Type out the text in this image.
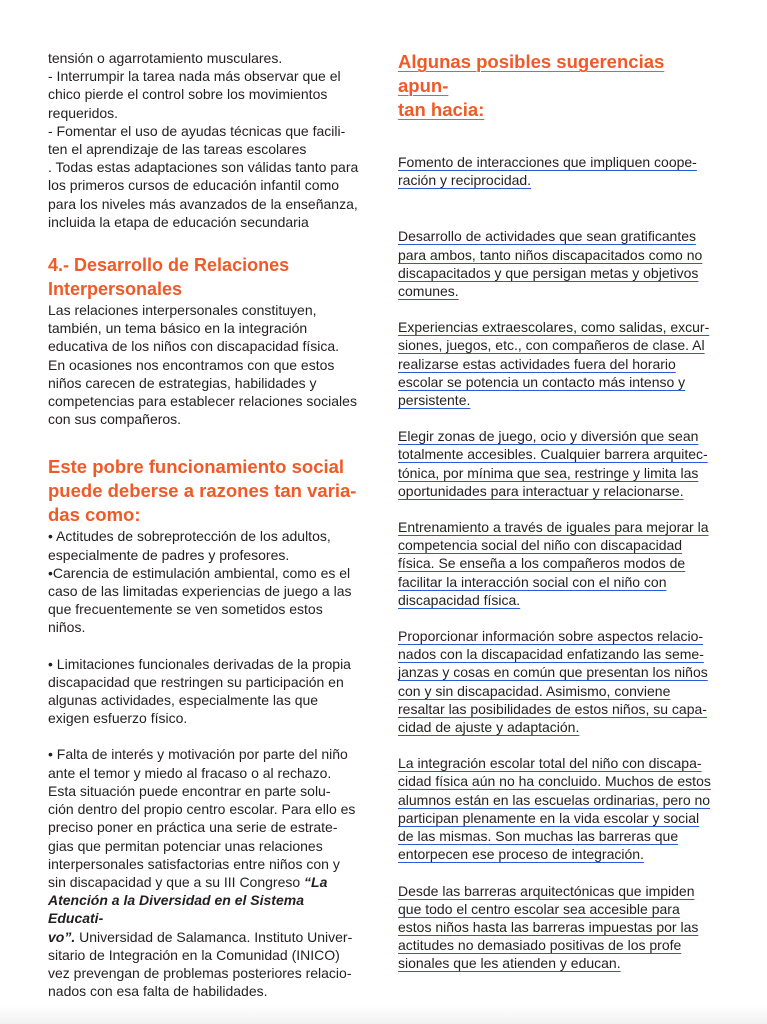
tensión o agarrotamiento musculares.
- Interrumpir la tarea nada más observar que el
chico pierde el control sobre los movimientos
requeridos.
- Fomentar el uso de ayudas técnicas que facili-
ten el aprendizaje de las tareas escolares
. Todas estas adaptaciones son válidas tanto para
los primeros cursos de educación infantil como
para los niveles más avanzados de la enseñanza,
incluida la etapa de educación secundaria

4.- Desarrollo de Relaciones
Interpersonales

Las relaciones interpersonales constituyen,
también, un tema básico en la integración
educativa de los niños con discapacidad física.
En ocasiones nos encontramos con que estos
niños carecen de estrategias, habilidades y
competencias para establecer relaciones sociales
con sus compañeros.

Este pobre funcionamiento social
puede deberse a razones tan varia-
das como:

• Actitudes de sobreprotección de los adultos,
especialmente de padres y profesores.
•Carencia de estimulación ambiental, como es el
caso de las limitadas experiencias de juego a las
que frecuentemente se ven sometidos estos
niños.

• Limitaciones funcionales derivadas de la propia
discapacidad que restringen su participación en
algunas actividades, especialmente las que
exigen esfuerzo físico.

• Falta de interés y motivación por parte del niño
ante el temor y miedo al fracaso o al rechazo.
Esta situación puede encontrar en parte solu-
ción dentro del propio centro escolar. Para ello es
preciso poner en práctica una serie de estrate-
gias que permitan potenciar unas relaciones
interpersonales satisfactorias entre niños con y
sin discapacidad y que a su III Congreso “La
Atención a la Diversidad en el Sistema Educati-
vo”. Universidad de Salamanca. Instituto Univer-
sitario de Integración en la Comunidad (INICO)
vez prevengan de problemas posteriores relacio-
nados con esa falta de habilidades.

Algunas posibles sugerencias apun-
tan hacia:

Fomento de interacciones que impliquen coope-
ración y reciprocidad.

Desarrollo de actividades que sean gratificantes
para ambos, tanto niños discapacitados como no
discapacitados y que persigan metas y objetivos
comunes.

Experiencias extraescolares, como salidas, excur-
siones, juegos, etc., con compañeros de clase. Al
realizarse estas actividades fuera del horario
escolar se potencia un contacto más intenso y
persistente.

Elegir zonas de juego, ocio y diversión que sean
totalmente accesibles. Cualquier barrera arquitec-
tónica, por mínima que sea, restringe y limita las
oportunidades para interactuar y relacionarse.

Entrenamiento a través de iguales para mejorar la
competencia social del niño con discapacidad
física. Se enseña a los compañeros modos de
facilitar la interacción social con el niño con
discapacidad física.

Proporcionar información sobre aspectos relacio-
nados con la discapacidad enfatizando las seme-
janzas y cosas en común que presentan los niños
con y sin discapacidad. Asimismo, conviene
resaltar las posibilidades de estos niños, su capa-
cidad de ajuste y adaptación.

La integración escolar total del niño con discapa-
cidad física aún no ha concluido. Muchos de estos
alumnos están en las escuelas ordinarias, pero no
participan plenamente en la vida escolar y social
de las mismas. Son muchas las barreras que
entorpecen ese proceso de integración.

Desde las barreras arquitectónicas que impiden
que todo el centro escolar sea accesible para
estos niños hasta las barreras impuestas por las
actitudes no demasiado positivas de los profe
sionales que les atienden y educan.
